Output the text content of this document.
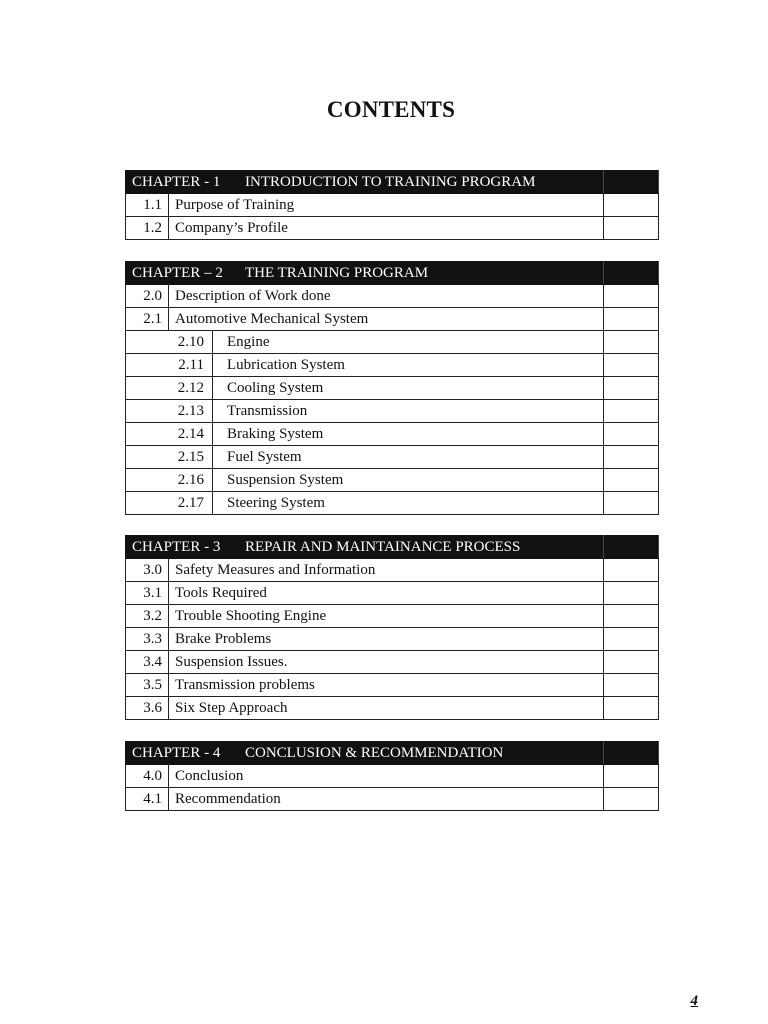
CONTENTS
CHAPTER - 1 INTRODUCTION TO TRAINING PROGRAM		
1.1	Purpose of Training	
1.2	Company’s Profile	
CHAPTER – 2 THE TRAINING PROGRAM			
2.0	Description of Work done		
2.1	Automotive Mechanical System		
2.10		Engine	
2.11		Lubrication System	
2.12		Cooling System	
2.13		Transmission	
2.14		Braking System	
2.15		Fuel System	
2.16		Suspension System	
2.17		Steering System	
CHAPTER - 3 REPAIR AND MAINTAINANCE PROCESS		
3.0	Safety Measures and Information	
3.1	Tools Required	
3.2	Trouble Shooting Engine	
3.3	Brake Problems	
3.4	Suspension Issues.	
3.5	Transmission problems	
3.6	Six Step Approach	
CHAPTER - 4 CONCLUSION & RECOMMENDATION		
4.0	Conclusion	
4.1	Recommendation	
4
